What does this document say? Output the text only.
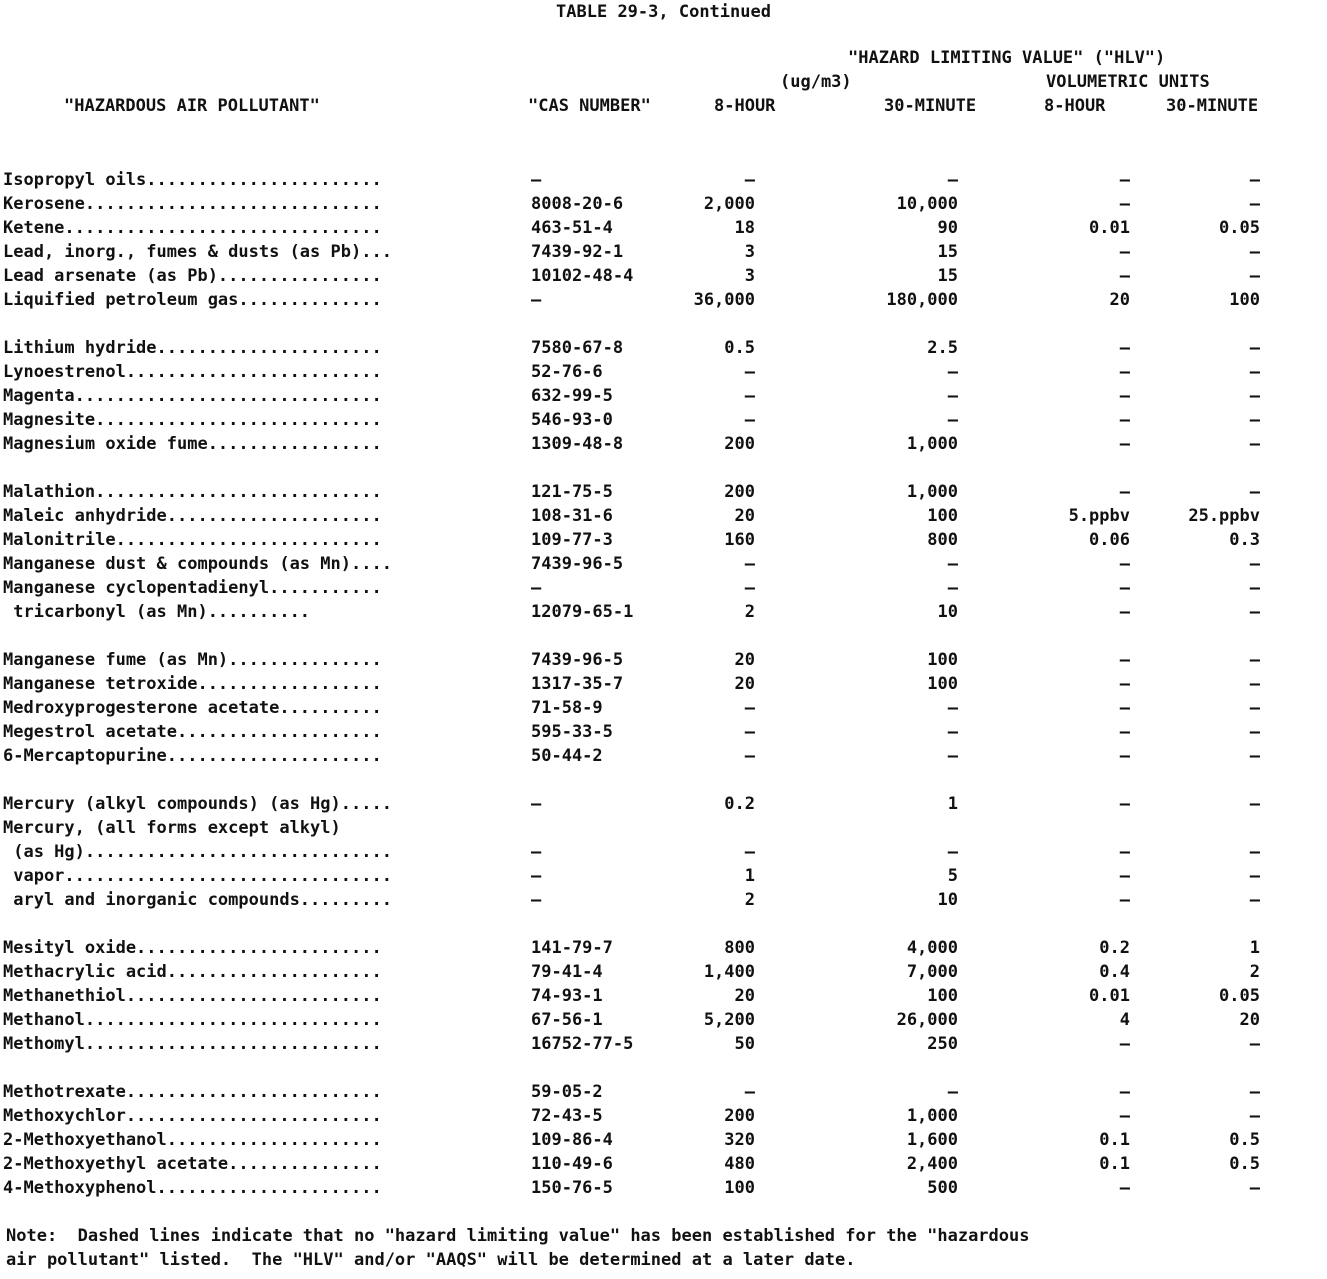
TABLE 29-3, Continued
"HAZARD LIMITING VALUE" ("HLV")
(ug/m3)	VOLUMETRIC UNITS
"HAZARDOUS AIR POLLUTANT"	"CAS NUMBER"	8-HOUR	30-MINUTE	8-HOUR	30-MINUTE
Isopropyl oils.......................	—	—	—	—	—
Kerosene.............................	8008-20-6	2,000	10,000	—	—
Ketene...............................	463-51-4	18	90	0.01	0.05
Lead, inorg., fumes & dusts (as Pb)...	7439-92-1	3	15	—	—
Lead arsenate (as Pb)................	10102-48-4	3	15	—	—
Liquified petroleum gas..............	—	36,000	180,000	20	100
Lithium hydride......................	7580-67-8	0.5	2.5	—	—
Lynoestrenol.........................	52-76-6	—	—	—	—
Magenta..............................	632-99-5	—	—	—	—
Magnesite............................	546-93-0	—	—	—	—
Magnesium oxide fume.................	1309-48-8	200	1,000	—	—
Malathion............................	121-75-5	200	1,000	—	—
Maleic anhydride.....................	108-31-6	20	100	5.ppbv	25.ppbv
Malonitrile..........................	109-77-3	160	800	0.06	0.3
Manganese dust & compounds (as Mn)....	7439-96-5	—	—	—	—
Manganese cyclopentadienyl...........	—	—	—	—	—
tricarbonyl (as Mn)..........	12079-65-1	2	10	—	—
Manganese fume (as Mn)...............	7439-96-5	20	100	—	—
Manganese tetroxide..................	1317-35-7	20	100	—	—
Medroxyprogesterone acetate..........	71-58-9	—	—	—	—
Megestrol acetate....................	595-33-5	—	—	—	—
6-Mercaptopurine.....................	50-44-2	—	—	—	—
Mercury (alkyl compounds) (as Hg).....	—	0.2	1	—	—
Mercury, (all forms except alkyl)
(as Hg)..............................	—	—	—	—	—
vapor................................	—	1	5	—	—
aryl and inorganic compounds.........	—	2	10	—	—
Mesityl oxide........................	141-79-7	800	4,000	0.2	1
Methacrylic acid.....................	79-41-4	1,400	7,000	0.4	2
Methanethiol.........................	74-93-1	20	100	0.01	0.05
Methanol.............................	67-56-1	5,200	26,000	4	20
Methomyl.............................	16752-77-5	50	250	—	—
Methotrexate.........................	59-05-2	—	—	—	—
Methoxychlor.........................	72-43-5	200	1,000	—	—
2-Methoxyethanol.....................	109-86-4	320	1,600	0.1	0.5
2-Methoxyethyl acetate...............	110-49-6	480	2,400	0.1	0.5
4-Methoxyphenol......................	150-76-5	100	500	—	—
Note:  Dashed lines indicate that no "hazard limiting value" has been established for the "hazardous
air pollutant" listed.  The "HLV" and/or "AAQS" will be determined at a later date.
